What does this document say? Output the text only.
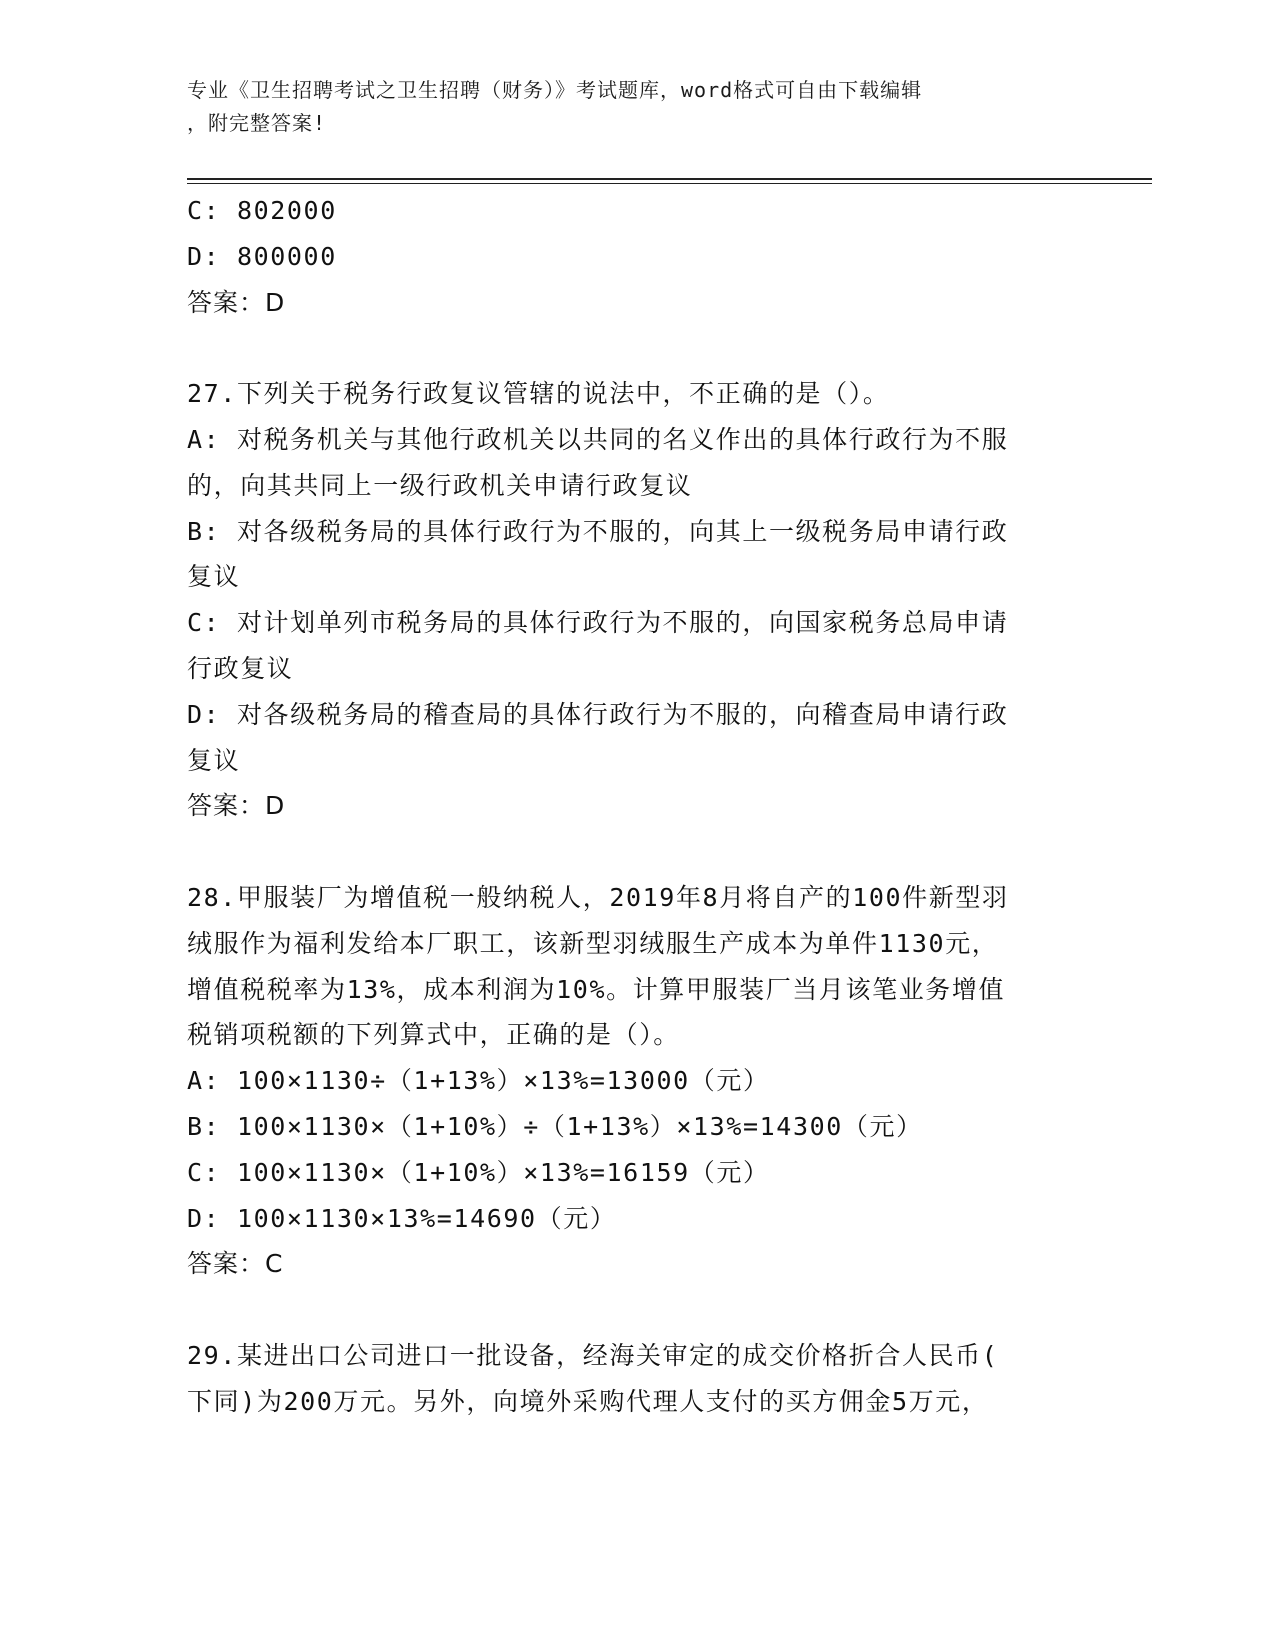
专业《卫生招聘考试之卫生招聘（财务）》考试题库，word格式可自由下载编辑
，附完整答案!

C: 802000

D: 800000

答案：D

27.下列关于税务行政复议管辖的说法中，不正确的是（）。

A: 对税务机关与其他行政机关以共同的名义作出的具体行政行为不服

的，向其共同上一级行政机关申请行政复议

B: 对各级税务局的具体行政行为不服的，向其上一级税务局申请行政

复议

C: 对计划单列市税务局的具体行政行为不服的，向国家税务总局申请

行政复议

D: 对各级税务局的稽查局的具体行政行为不服的，向稽查局申请行政

复议

答案：D

28.甲服装厂为增值税一般纳税人，2019年8月将自产的100件新型羽

绒服作为福利发给本厂职工，该新型羽绒服生产成本为单件1130元，

增值税税率为13%，成本利润为10%。计算甲服装厂当月该笔业务增值

税销项税额的下列算式中，正确的是（）。

A: 100×1130÷（1+13%）×13%=13000（元）

B: 100×1130×（1+10%）÷（1+13%）×13%=14300（元）

C: 100×1130×（1+10%）×13%=16159（元）

D: 100×1130×13%=14690（元）

答案：C

29.某进出口公司进口一批设备，经海关审定的成交价格折合人民币(

下同)为200万元。另外，向境外采购代理人支付的买方佣金5万元，
